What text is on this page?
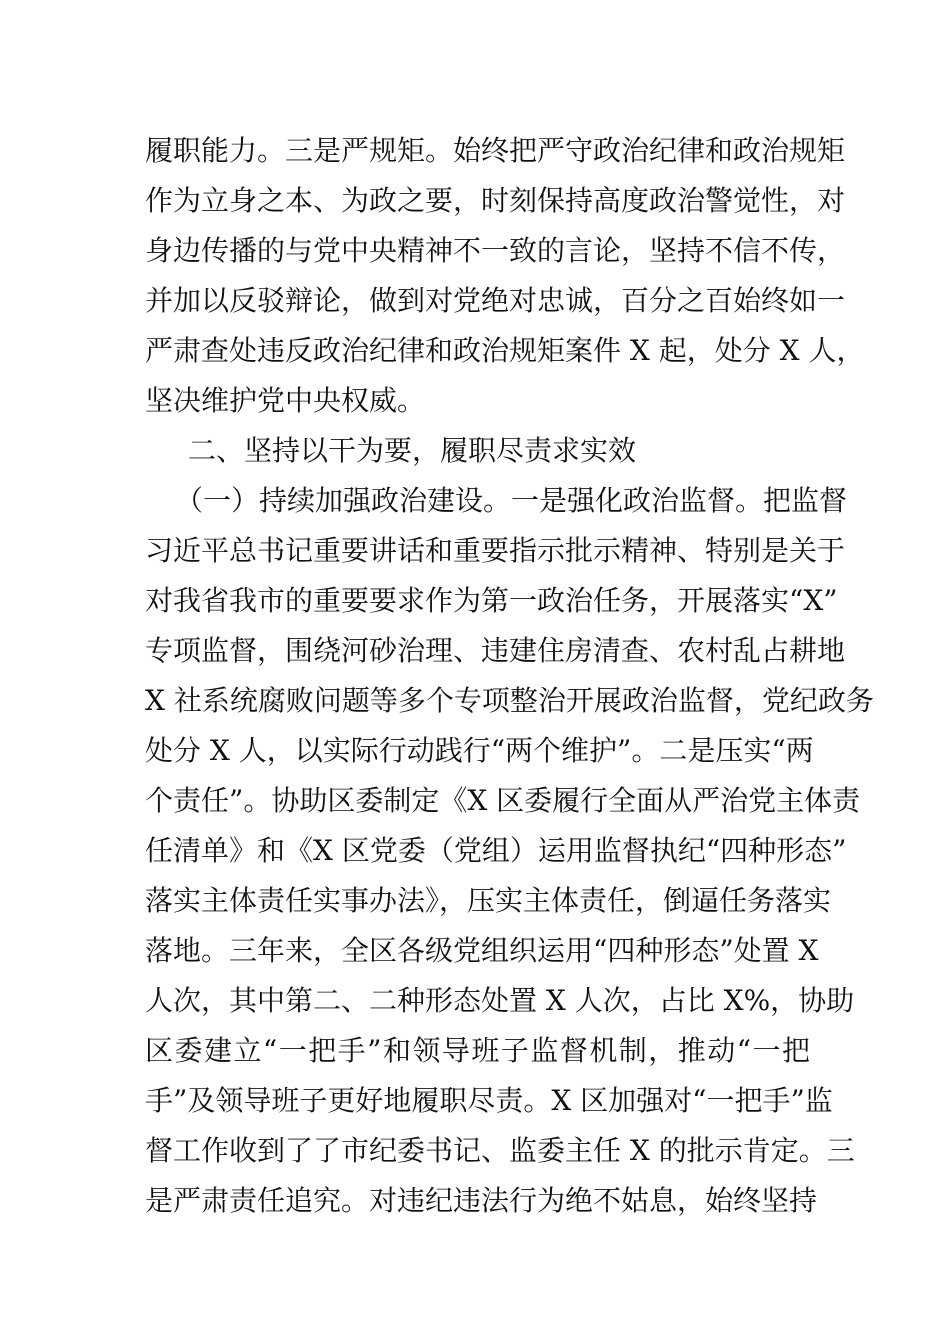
履职能力。三是严规矩。始终把严守政治纪律和政治规矩
作为立身之本、为政之要，时刻保持高度政治警觉性，对
身边传播的与党中央精神不一致的言论，坚持不信不传，
并加以反驳辩论，做到对党绝对忠诚，百分之百始终如一
严肃查处违反政治纪律和政治规矩案件 X 起，处分 X 人，
坚决维护党中央权威。
二、坚持以干为要，履职尽责求实效
（一）持续加强政治建设。一是强化政治监督。把监督
习近平总书记重要讲话和重要指示批示精神、特别是关于
对我省我市的重要要求作为第一政治任务，开展落实“X”
专项监督，围绕河砂治理、违建住房清查、农村乱占耕地
X 社系统腐败问题等多个专项整治开展政治监督，党纪政务
处分 X 人，以实际行动践行“两个维护”。二是压实“两
个责任”。协助区委制定《X 区委履行全面从严治党主体责
任清单》和《X 区党委（党组）运用监督执纪“四种形态”
落实主体责任实事办法》，压实主体责任，倒逼任务落实
落地。三年来，全区各级党组织运用“四种形态”处置 X
人次，其中第二、二种形态处置 X 人次，占比 X%，协助
区委建立“一把手”和领导班子监督机制，推动“一把
手”及领导班子更好地履职尽责。X 区加强对“一把手”监
督工作收到了了市纪委书记、监委主任 X 的批示肯定。三
是严肃责任追究。对违纪违法行为绝不姑息，始终坚持
